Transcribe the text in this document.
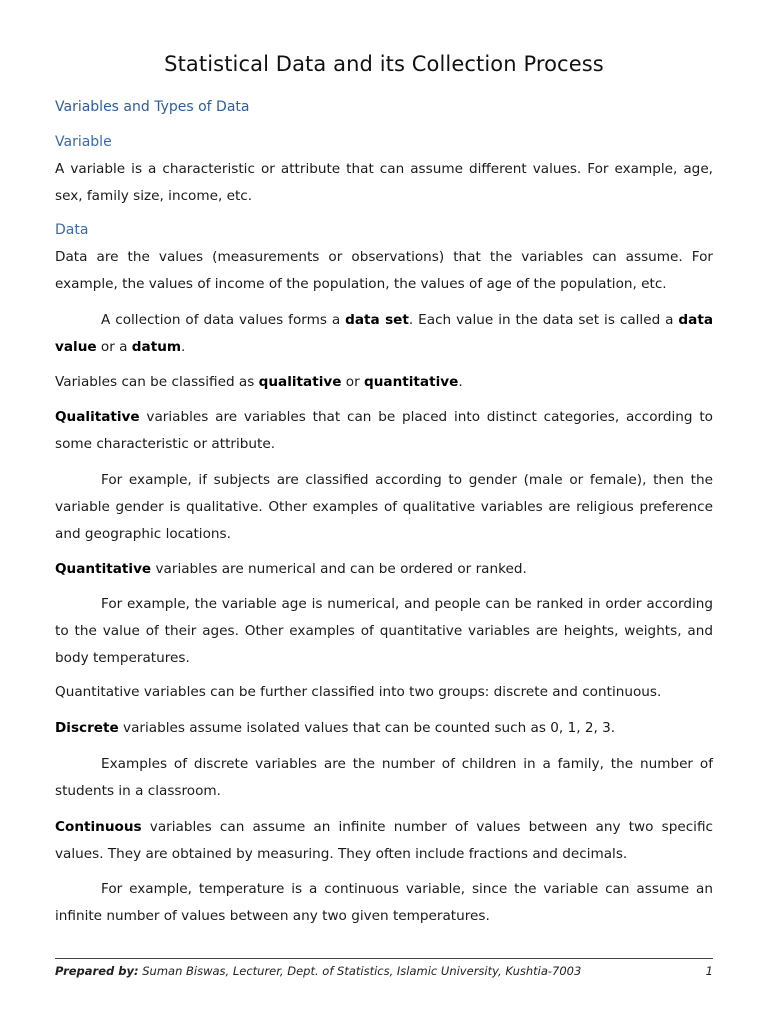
Statistical Data and its Collection Process
Variables and Types of Data
Variable

A variable is a characteristic or attribute that can assume different values. For example, age, sex, family size, income, etc.

Data

Data are the values (measurements or observations) that the variables can assume. For example, the values of income of the population, the values of age of the population, etc.

A collection of data values forms a data set. Each value in the data set is called a data value or a datum.

Variables can be classified as qualitative or quantitative.

Qualitative variables are variables that can be placed into distinct categories, according to some characteristic or attribute.

For example, if subjects are classified according to gender (male or female), then the variable gender is qualitative. Other examples of qualitative variables are religious preference and geographic locations.

Quantitative variables are numerical and can be ordered or ranked.

For example, the variable age is numerical, and people can be ranked in order according to the value of their ages. Other examples of quantitative variables are heights, weights, and body temperatures.

Quantitative variables can be further classified into two groups: discrete and continuous.

Discrete variables assume isolated values that can be counted such as 0, 1, 2, 3.

Examples of discrete variables are the number of children in a family, the number of students in a classroom.

Continuous variables can assume an infinite number of values between any two specific values. They are obtained by measuring. They often include fractions and decimals.

For example, temperature is a continuous variable, since the variable can assume an infinite number of values between any two given temperatures.

Prepared by: Suman Biswas, Lecturer, Dept. of Statistics, Islamic University, Kushtia-7003	1
